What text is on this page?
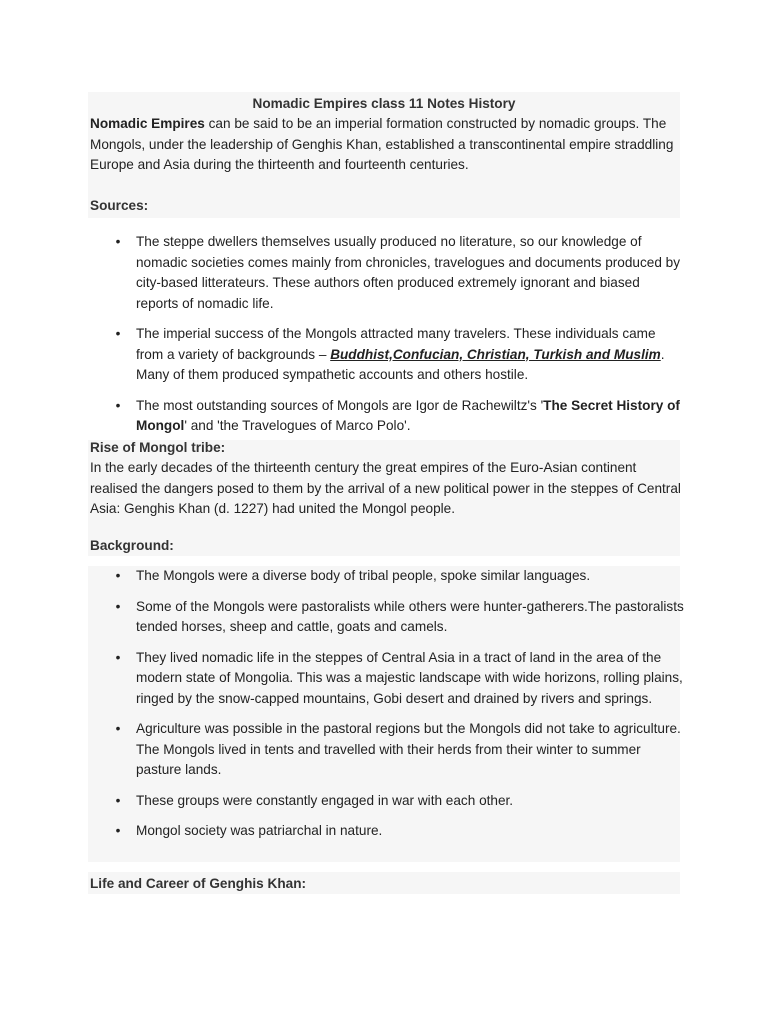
Nomadic Empires class 11 Notes History

Nomadic Empires can be said to be an imperial formation constructed by nomadic groups. The Mongols, under the leadership of Genghis Khan, established a transcontinental empire straddling Europe and Asia during the thirteenth and fourteenth centuries.

Sources:
• The steppe dwellers themselves usually produced no literature, so our knowledge of nomadic societies comes mainly from chronicles, travelogues and documents produced by city-based litterateurs. These authors often produced extremely ignorant and biased reports of nomadic life.
• The imperial success of the Mongols attracted many travelers. These individuals came from a variety of backgrounds – Buddhist,Confucian, Christian, Turkish and Muslim. Many of them produced sympathetic accounts and others hostile.
• The most outstanding sources of Mongols are Igor de Rachewiltz's 'The Secret History of Mongol' and 'the Travelogues of Marco Polo'.
Rise of Mongol tribe:

In the early decades of the thirteenth century the great empires of the Euro-Asian continent realised the dangers posed to them by the arrival of a new political power in the steppes of Central Asia: Genghis Khan (d. 1227) had united the Mongol people.

Background:
• The Mongols were a diverse body of tribal people, spoke similar languages.
• Some of the Mongols were pastoralists while others were hunter-gatherers.The pastoralists tended horses, sheep and cattle, goats and camels.
• They lived nomadic life in the steppes of Central Asia in a tract of land in the area of the modern state of Mongolia. This was a majestic landscape with wide horizons, rolling plains, ringed by the snow-capped mountains, Gobi desert and drained by rivers and springs.
• Agriculture was possible in the pastoral regions but the Mongols did not take to agriculture. The Mongols lived in tents and travelled with their herds from their winter to summer pasture lands.
• These groups were constantly engaged in war with each other.
• Mongol society was patriarchal in nature.
Life and Career of Genghis Khan:
